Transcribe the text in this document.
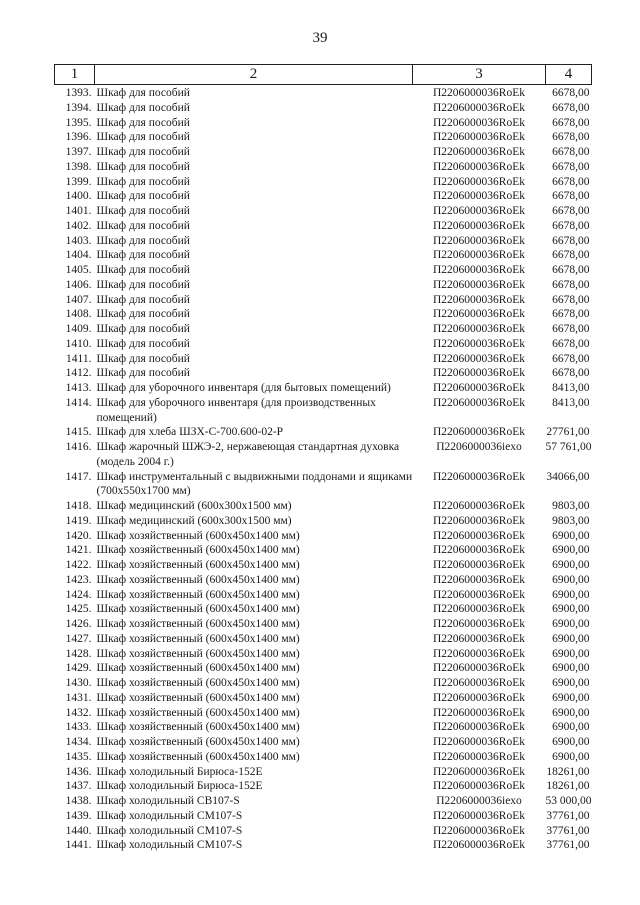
39
1	2	3	4
1393.	Шкаф для пособий	П2206000036RoEk	6678,00
1394.	Шкаф для пособий	П2206000036RoEk	6678,00
1395.	Шкаф для пособий	П2206000036RoEk	6678,00
1396.	Шкаф для пособий	П2206000036RoEk	6678,00
1397.	Шкаф для пособий	П2206000036RoEk	6678,00
1398.	Шкаф для пособий	П2206000036RoEk	6678,00
1399.	Шкаф для пособий	П2206000036RoEk	6678,00
1400.	Шкаф для пособий	П2206000036RoEk	6678,00
1401.	Шкаф для пособий	П2206000036RoEk	6678,00
1402.	Шкаф для пособий	П2206000036RoEk	6678,00
1403.	Шкаф для пособий	П2206000036RoEk	6678,00
1404.	Шкаф для пособий	П2206000036RoEk	6678,00
1405.	Шкаф для пособий	П2206000036RoEk	6678,00
1406.	Шкаф для пособий	П2206000036RoEk	6678,00
1407.	Шкаф для пособий	П2206000036RoEk	6678,00
1408.	Шкаф для пособий	П2206000036RoEk	6678,00
1409.	Шкаф для пособий	П2206000036RoEk	6678,00
1410.	Шкаф для пособий	П2206000036RoEk	6678,00
1411.	Шкаф для пособий	П2206000036RoEk	6678,00
1412.	Шкаф для пособий	П2206000036RoEk	6678,00
1413.	Шкаф для уборочного инвентаря (для бытовых помещений)	П2206000036RoEk	8413,00
1414.	Шкаф для уборочного инвентаря (для производственных помещений)	П2206000036RoEk	8413,00
1415.	Шкаф для хлеба ШЗХ-С-700.600-02-Р	П2206000036RoEk	27761,00
1416.	Шкаф жарочный ШЖЭ-2, нержавеющая стандартная духовка (модель 2004 г.)	П2206000036iexo	57 761,00
1417.	Шкаф инструментальный с выдвижными поддонами и ящиками (700x550x1700 мм)	П2206000036RoEk	34066,00
1418.	Шкаф медицинский (600x300x1500 мм)	П2206000036RoEk	9803,00
1419.	Шкаф медицинский (600x300x1500 мм)	П2206000036RoEk	9803,00
1420.	Шкаф хозяйственный (600x450x1400 мм)	П2206000036RoEk	6900,00
1421.	Шкаф хозяйственный (600x450x1400 мм)	П2206000036RoEk	6900,00
1422.	Шкаф хозяйственный (600x450x1400 мм)	П2206000036RoEk	6900,00
1423.	Шкаф хозяйственный (600x450x1400 мм)	П2206000036RoEk	6900,00
1424.	Шкаф хозяйственный (600x450x1400 мм)	П2206000036RoEk	6900,00
1425.	Шкаф хозяйственный (600x450x1400 мм)	П2206000036RoEk	6900,00
1426.	Шкаф хозяйственный (600x450x1400 мм)	П2206000036RoEk	6900,00
1427.	Шкаф хозяйственный (600x450x1400 мм)	П2206000036RoEk	6900,00
1428.	Шкаф хозяйственный (600x450x1400 мм)	П2206000036RoEk	6900,00
1429.	Шкаф хозяйственный (600x450x1400 мм)	П2206000036RoEk	6900,00
1430.	Шкаф хозяйственный (600x450x1400 мм)	П2206000036RoEk	6900,00
1431.	Шкаф хозяйственный (600x450x1400 мм)	П2206000036RoEk	6900,00
1432.	Шкаф хозяйственный (600x450x1400 мм)	П2206000036RoEk	6900,00
1433.	Шкаф хозяйственный (600x450x1400 мм)	П2206000036RoEk	6900,00
1434.	Шкаф хозяйственный (600x450x1400 мм)	П2206000036RoEk	6900,00
1435.	Шкаф хозяйственный (600x450x1400 мм)	П2206000036RoEk	6900,00
1436.	Шкаф холодильный Бирюса-152Е	П2206000036RoEk	18261,00
1437.	Шкаф холодильный Бирюса-152Е	П2206000036RoEk	18261,00
1438.	Шкаф холодильный СВ107-S	П2206000036iexo	53 000,00
1439.	Шкаф холодильный СМ107-S	П2206000036RoEk	37761,00
1440.	Шкаф холодильный СМ107-S	П2206000036RoEk	37761,00
1441.	Шкаф холодильный СМ107-S	П2206000036RoEk	37761,00
